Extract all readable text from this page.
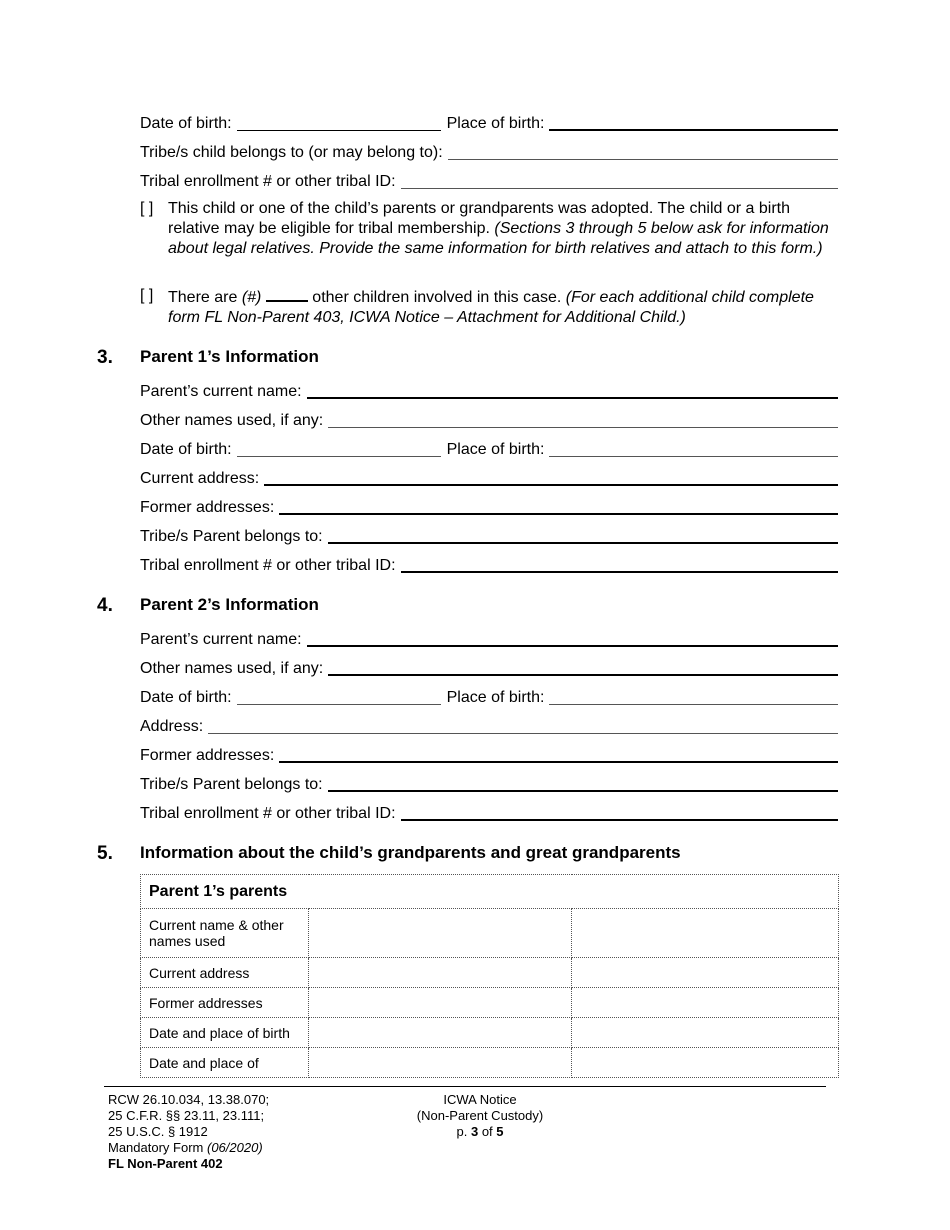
Date of birth:	Place of birth:
Tribe/s child belongs to (or may belong to):
Tribal enrollment # or other tribal ID:
[ ] This child or one of the child’s parents or grandparents was adopted. The child or a birth relative may be eligible for tribal membership. (Sections 3 through 5 below ask for information about legal relatives. Provide the same information for birth relatives and attach to this form.)
[ ] There are (#)	other children involved in this case. (For each additional child complete form FL Non-Parent 403, ICWA Notice – Attachment for Additional Child.)
3. Parent 1’s Information
Parent’s current name:
Other names used, if any:
Date of birth:	Place of birth:
Current address:
Former addresses:
Tribe/s Parent belongs to:
Tribal enrollment # or other tribal ID:
4. Parent 2’s Information
Parent’s current name:
Other names used, if any:
Date of birth:	Place of birth:
Address:
Former addresses:
Tribe/s Parent belongs to:
Tribal enrollment # or other tribal ID:
5. Information about the child’s grandparents and great grandparents
Parent 1’s parents		
Current name & other names used		
Current address		
Former addresses		
Date and place of birth		
Date and place of		
RCW 26.10.034, 13.38.070;
25 C.F.R. §§ 23.11, 23.111;
25 U.S.C. § 1912
Mandatory Form (06/2020)
FL Non-Parent 402
ICWA Notice
(Non-Parent Custody)
p. 3 of 5
